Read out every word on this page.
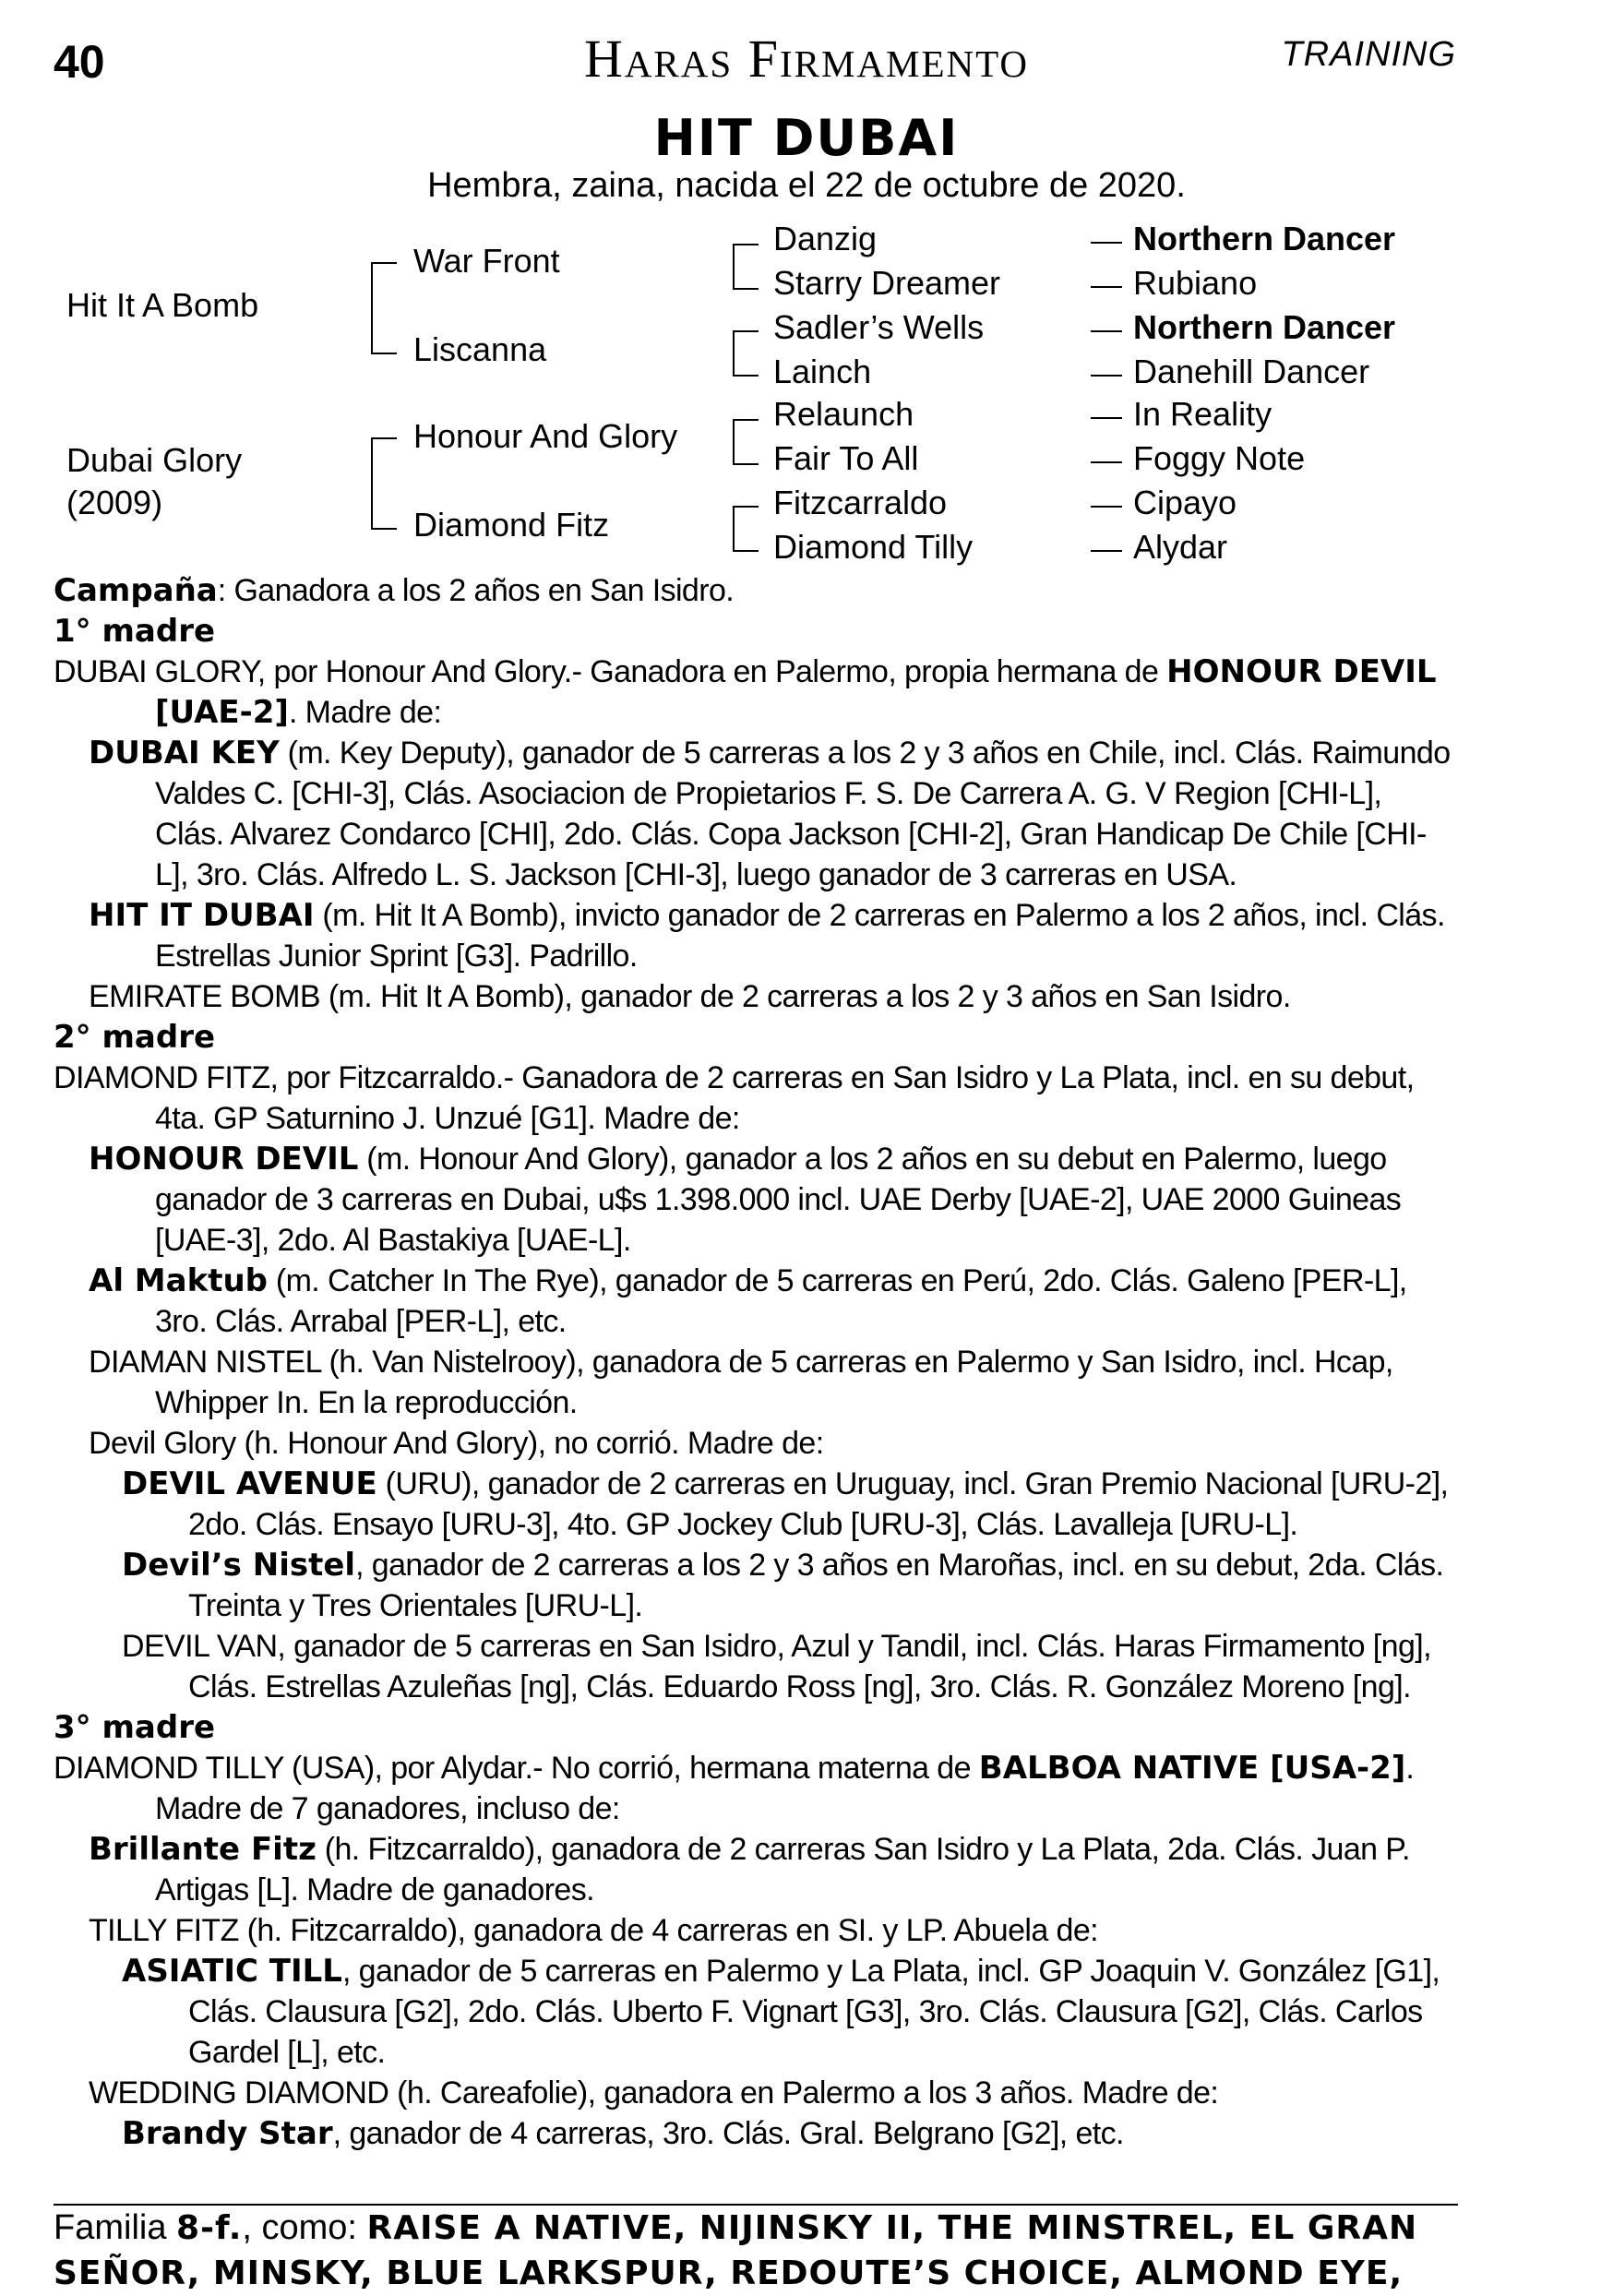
40	Haras Firmamento	TRAINING
HIT DUBAI
Hembra, zaina, nacida el 22 de octubre de 2020.
Hit It A Bomb
Dubai Glory
(2009)
War Front
Liscanna
Honour And Glory
Diamond Fitz
Danzig
Starry Dreamer
Sadler’s Wells
Lainch
Relaunch
Fair To All
Fitzcarraldo
Diamond Tilly
Northern Dancer
Rubiano
Northern Dancer
Danehill Dancer
In Reality
Foggy Note
Cipayo
Alydar

Campaña: Ganadora a los 2 años en San Isidro.

1° madre

DUBAI GLORY, por Honour And Glory.- Ganadora en Palermo, propia hermana de HONOUR DEVIL [UAE-2]. Madre de:

DUBAI KEY (m. Key Deputy), ganador de 5 carreras a los 2 y 3 años en Chile, incl. Clás. Raimundo Valdes C. [CHI-3], Clás. Asociacion de Propietarios F. S. De Carrera A. G. V Region [CHI-L], Clás. Alvarez Condarco [CHI], 2do. Clás. Copa Jackson [CHI-2], Gran Handicap De Chile [CHI-L], 3ro. Clás. Alfredo L. S. Jackson [CHI-3], luego ganador de 3 carreras en USA.

HIT IT DUBAI (m. Hit It A Bomb), invicto ganador de 2 carreras en Palermo a los 2 años, incl. Clás. Estrellas Junior Sprint [G3]. Padrillo.

EMIRATE BOMB (m. Hit It A Bomb), ganador de 2 carreras a los 2 y 3 años en San Isidro.

2° madre

DIAMOND FITZ, por Fitzcarraldo.- Ganadora de 2 carreras en San Isidro y La Plata, incl. en su debut, 4ta. GP Saturnino J. Unzué [G1]. Madre de:

HONOUR DEVIL (m. Honour And Glory), ganador a los 2 años en su debut en Palermo, luego ganador de 3 carreras en Dubai, u$s 1.398.000 incl. UAE Derby [UAE-2], UAE 2000 Guineas [UAE-3], 2do. Al Bastakiya [UAE-L].

Al Maktub (m. Catcher In The Rye), ganador de 5 carreras en Perú, 2do. Clás. Galeno [PER-L], 3ro. Clás. Arrabal [PER-L], etc.

DIAMAN NISTEL (h. Van Nistelrooy), ganadora de 5 carreras en Palermo y San Isidro, incl. Hcap, Whipper In. En la reproducción.

Devil Glory (h. Honour And Glory), no corrió. Madre de:

DEVIL AVENUE (URU), ganador de 2 carreras en Uruguay, incl. Gran Premio Nacional [URU-2], 2do. Clás. Ensayo [URU-3], 4to. GP Jockey Club [URU-3], Clás. Lavalleja [URU-L].

Devil’s Nistel, ganador de 2 carreras a los 2 y 3 años en Maroñas, incl. en su debut, 2da. Clás. Treinta y Tres Orientales [URU-L].

DEVIL VAN, ganador de 5 carreras en San Isidro, Azul y Tandil, incl. Clás. Haras Firmamento [ng], Clás. Estrellas Azuleñas [ng], Clás. Eduardo Ross [ng], 3ro. Clás. R. González Moreno [ng].

3° madre

DIAMOND TILLY (USA), por Alydar.- No corrió, hermana materna de BALBOA NATIVE [USA-2]. Madre de 7 ganadores, incluso de:

Brillante Fitz (h. Fitzcarraldo), ganadora de 2 carreras San Isidro y La Plata, 2da. Clás. Juan P. Artigas [L]. Madre de ganadores.

TILLY FITZ (h. Fitzcarraldo), ganadora de 4 carreras en SI. y LP. Abuela de:

ASIATIC TILL, ganador de 5 carreras en Palermo y La Plata, incl. GP Joaquin V. González [G1], Clás. Clausura [G2], 2do. Clás. Uberto F. Vignart [G3], 3ro. Clás. Clausura [G2], Clás. Carlos Gardel [L], etc.

WEDDING DIAMOND (h. Careafolie), ganadora en Palermo a los 3 años. Madre de:

Brandy Star, ganador de 4 carreras, 3ro. Clás. Gral. Belgrano [G2], etc.

Familia 8-f., como: RAISE A NATIVE, NIJINSKY II, THE MINSTREL, EL GRAN SEÑOR, MINSKY, BLUE LARKSPUR, REDOUTE’S CHOICE, ALMOND EYE,
